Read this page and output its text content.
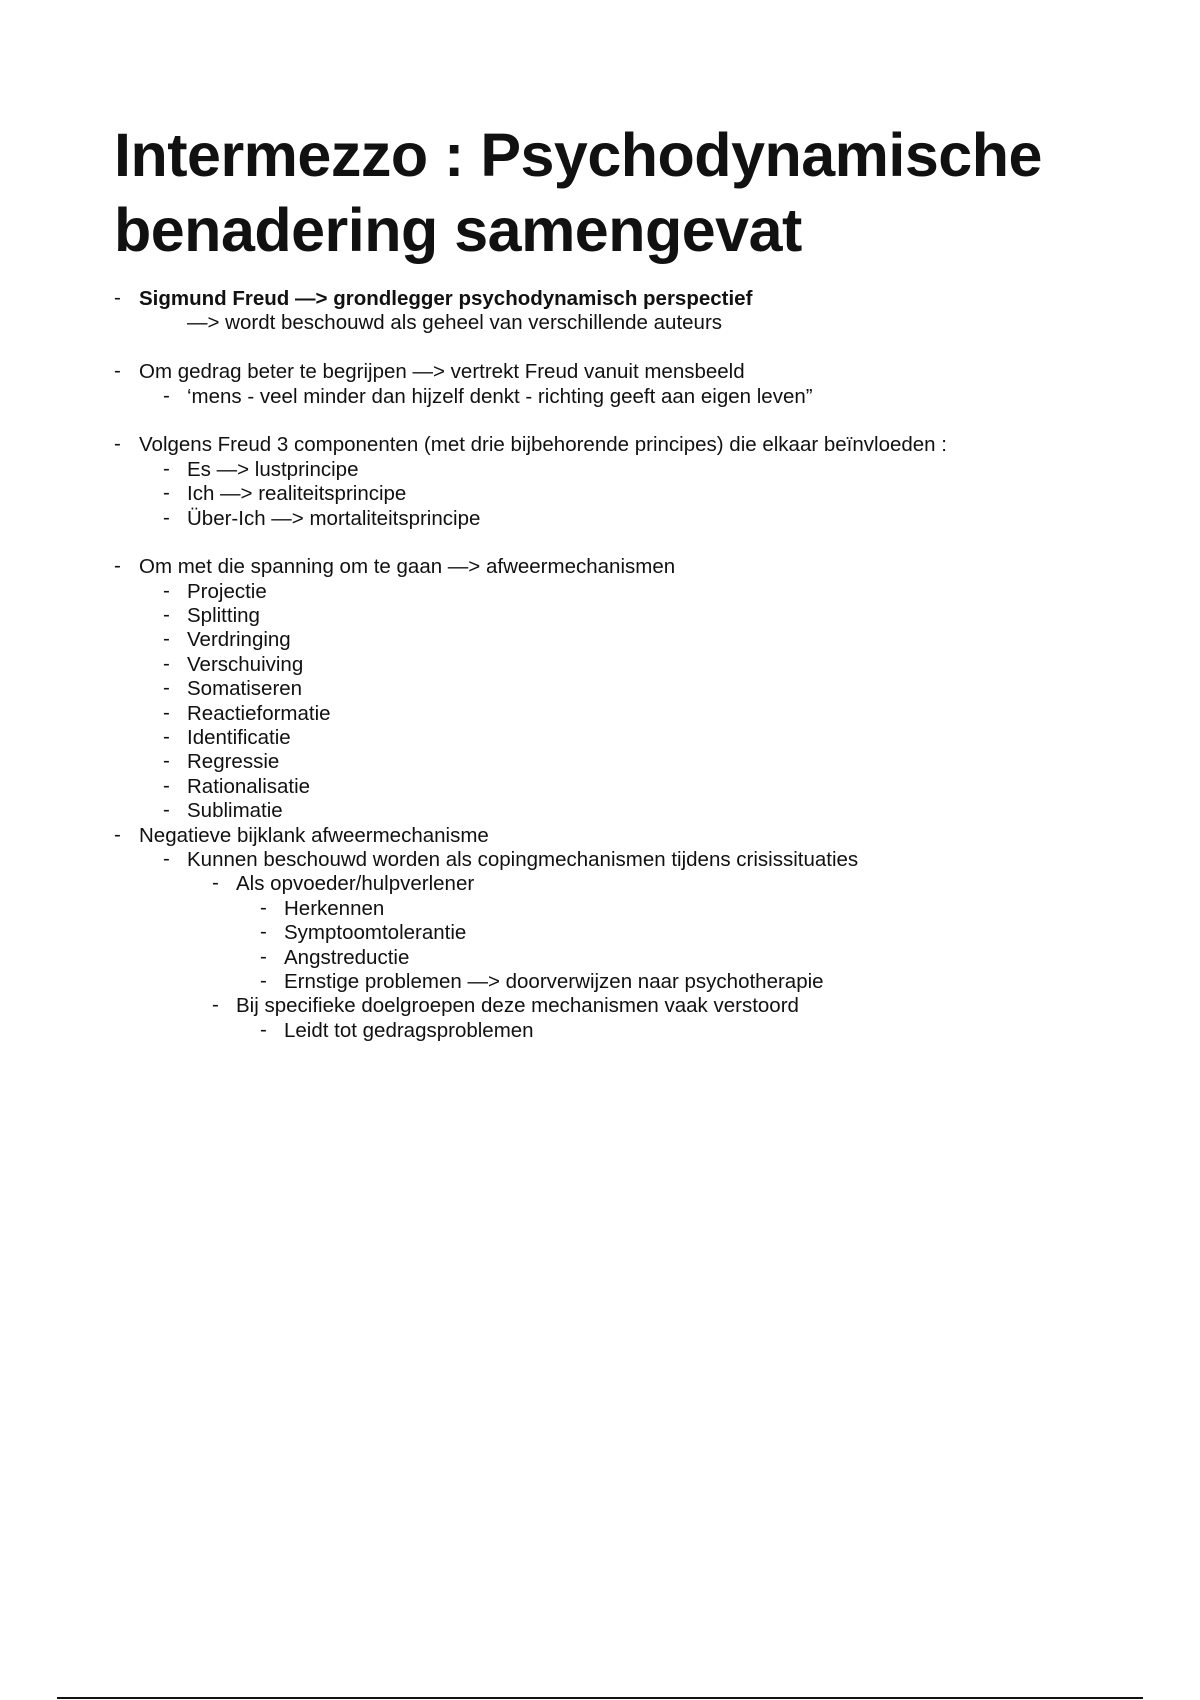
Intermezzo : Psychodynamische
benadering samengevat
- Sigmund Freud —> grondlegger psychodynamisch perspectief
—> wordt beschouwd als geheel van verschillende auteurs
- Om gedrag beter te begrijpen —> vertrekt Freud vanuit mensbeeld
- ‘mens - veel minder dan hijzelf denkt - richting geeft aan eigen leven”
- Volgens Freud 3 componenten (met drie bijbehorende principes) die elkaar beïnvloeden :
- Es —> lustprincipe
- Ich —> realiteitsprincipe
- Über-Ich —> mortaliteitsprincipe
- Om met die spanning om te gaan —> afweermechanismen
- Projectie
- Splitting
- Verdringing
- Verschuiving
- Somatiseren
- Reactieformatie
- Identificatie
- Regressie
- Rationalisatie
- Sublimatie
- Negatieve bijklank afweermechanisme
- Kunnen beschouwd worden als copingmechanismen tijdens crisissituaties
- Als opvoeder/hulpverlener
- Herkennen
- Symptoomtolerantie
- Angstreductie
- Ernstige problemen —> doorverwijzen naar psychotherapie
- Bij specifieke doelgroepen deze mechanismen vaak verstoord
- Leidt tot gedragsproblemen
